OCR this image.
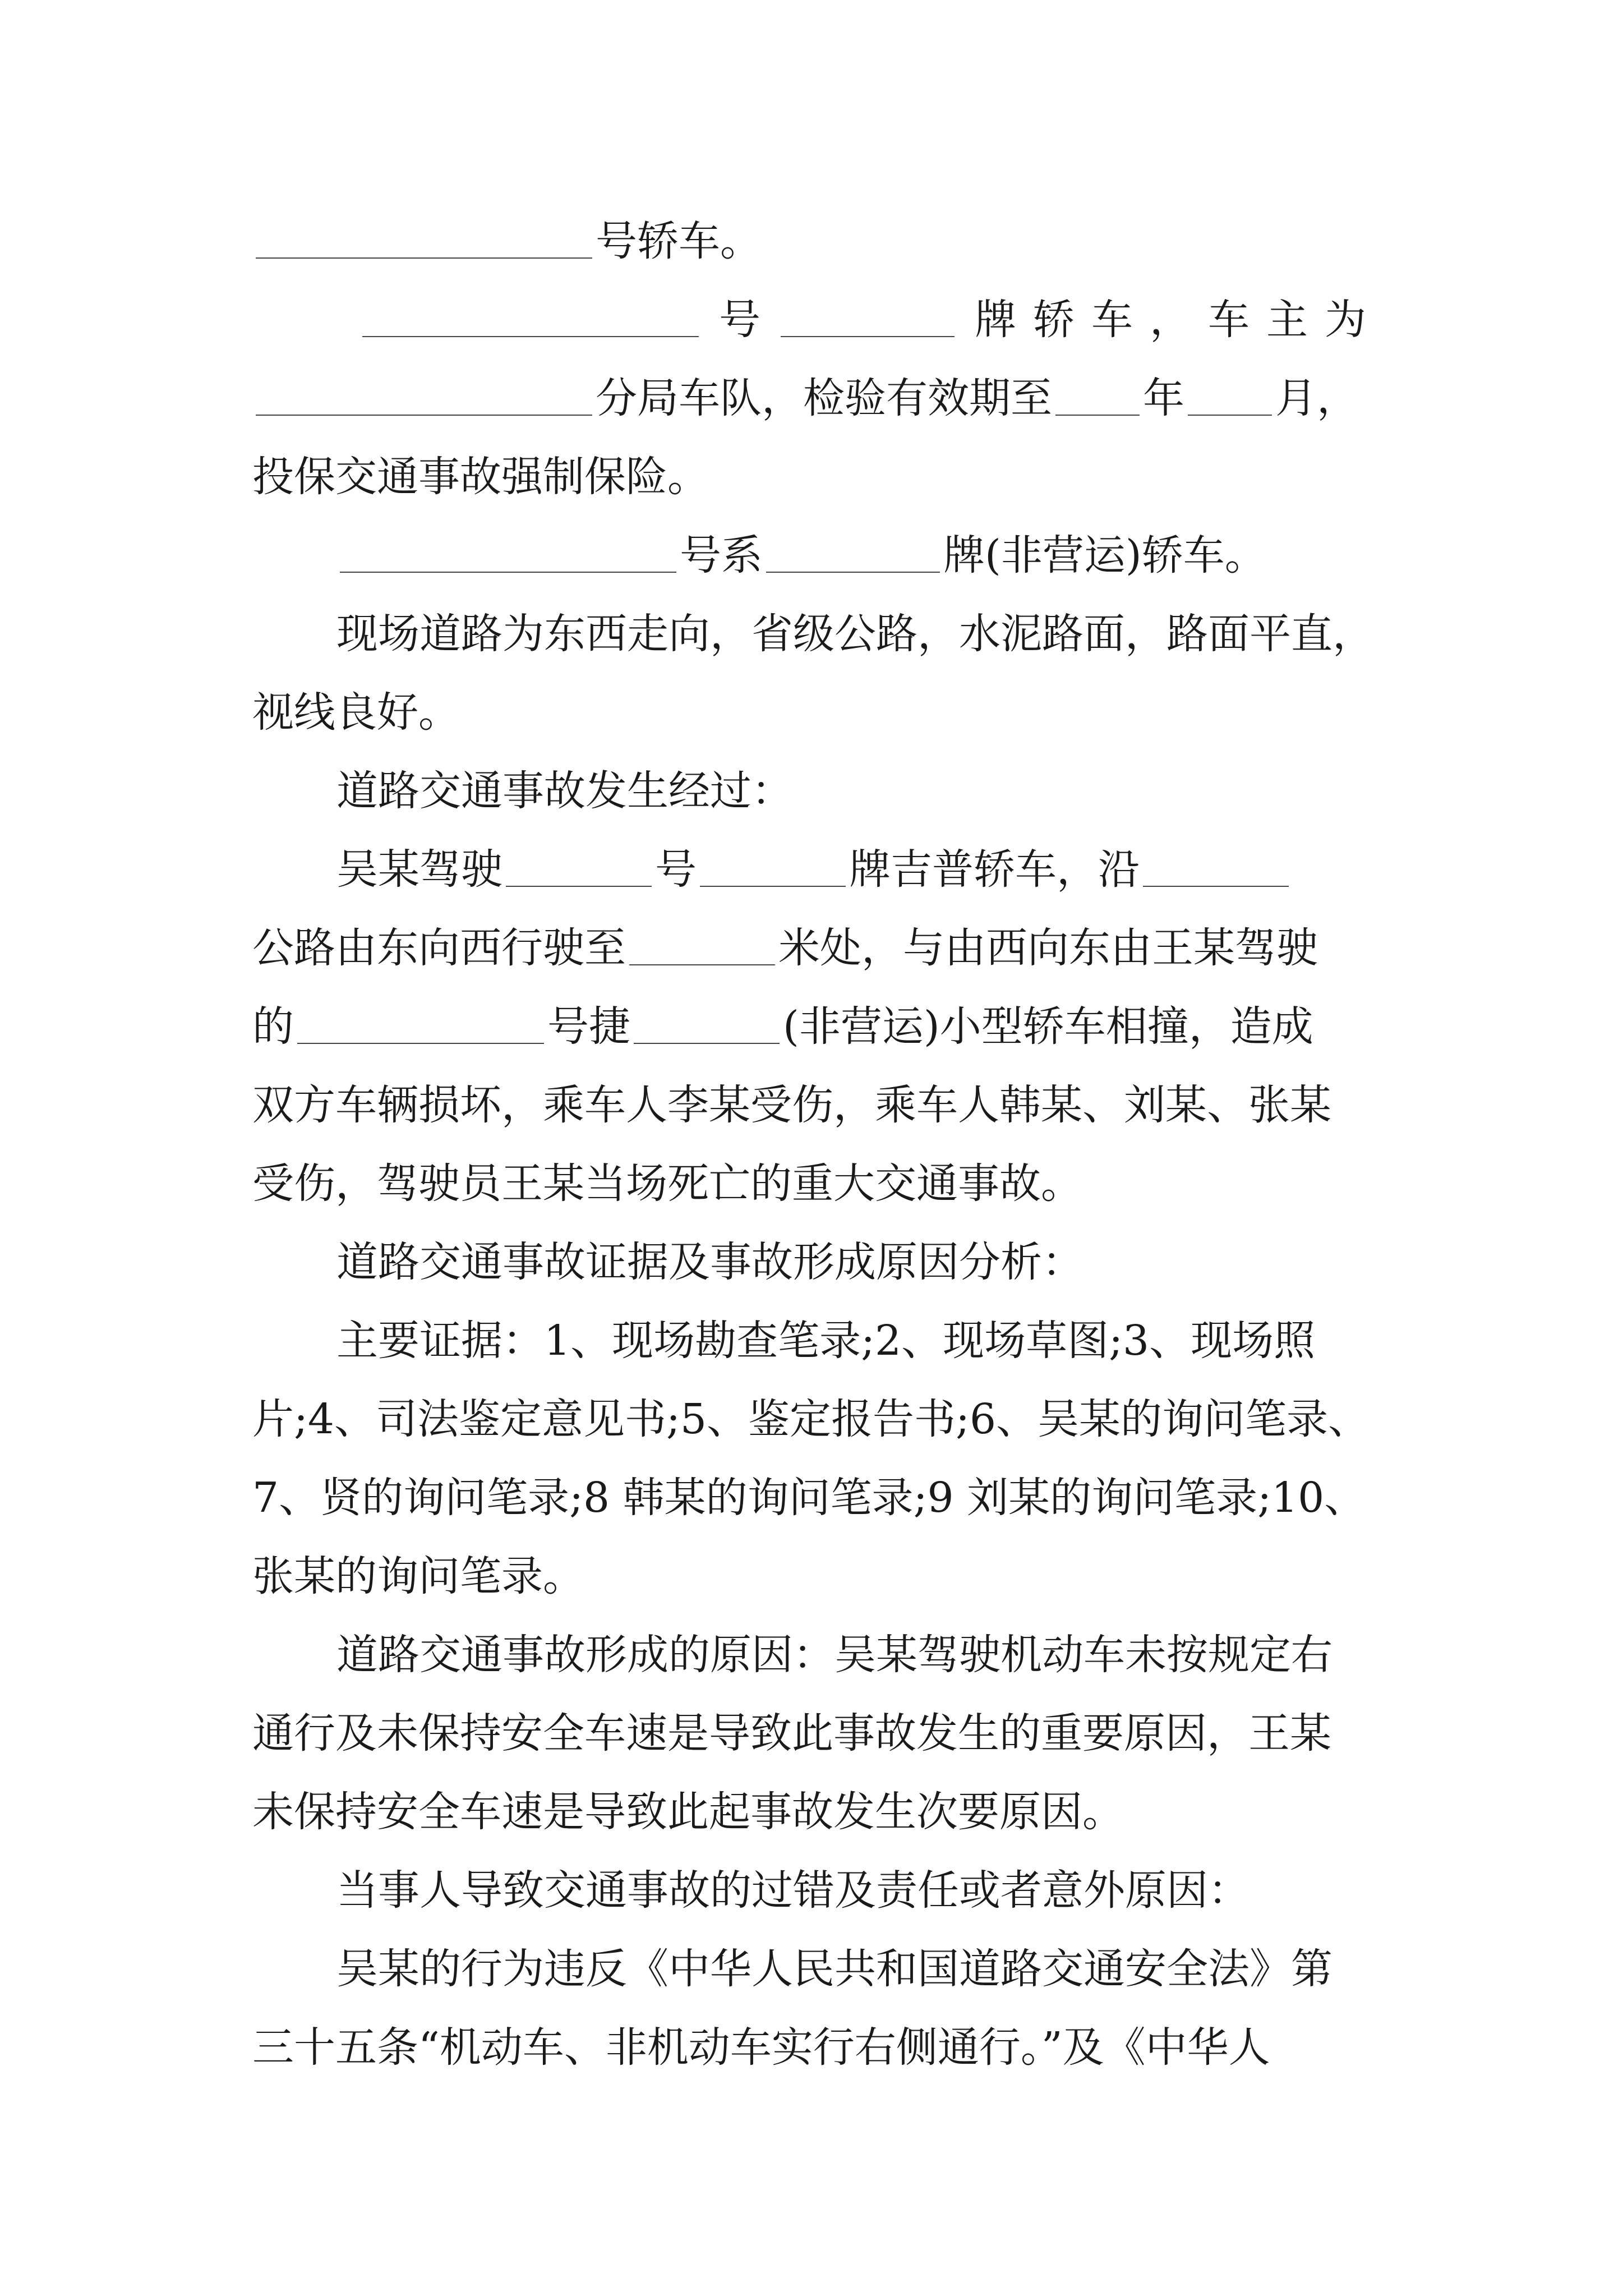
号轿车。
号	牌 轿 车 ， 车 主 为
分局车队，检验有效期至 年 月，
投保交通事故强制保险。
号系	牌(非营运)轿车。
现场道路为东西走向，省级公路，水泥路面，路面平直，
视线良好。
道路交通事故发生经过：
吴某驾驶	号	牌吉普轿车，沿
公路由东向西行驶至	米处，与由西向东由王某驾驶
的	号捷	(非营运)小型轿车相撞，造成
双方车辆损坏，乘车人李某受伤，乘车人韩某、刘某、张某
受伤，驾驶员王某当场死亡的重大交通事故。
道路交通事故证据及事故形成原因分析：
主要证据：1、现场勘查笔录;2、现场草图;3、现场照
片;4、司法鉴定意见书;5、鉴定报告书;6、吴某的询问笔录、
7、贤的询问笔录;8 韩某的询问笔录;9 刘某的询问笔录;10、
张某的询问笔录。
道路交通事故形成的原因：吴某驾驶机动车未按规定右
通行及未保持安全车速是导致此事故发生的重要原因，王某
未保持安全车速是导致此起事故发生次要原因。
当事人导致交通事故的过错及责任或者意外原因：
吴某的行为违反《中华人民共和国道路交通安全法》第
三十五条“机动车、非机动车实行右侧通行。”及《中华人
